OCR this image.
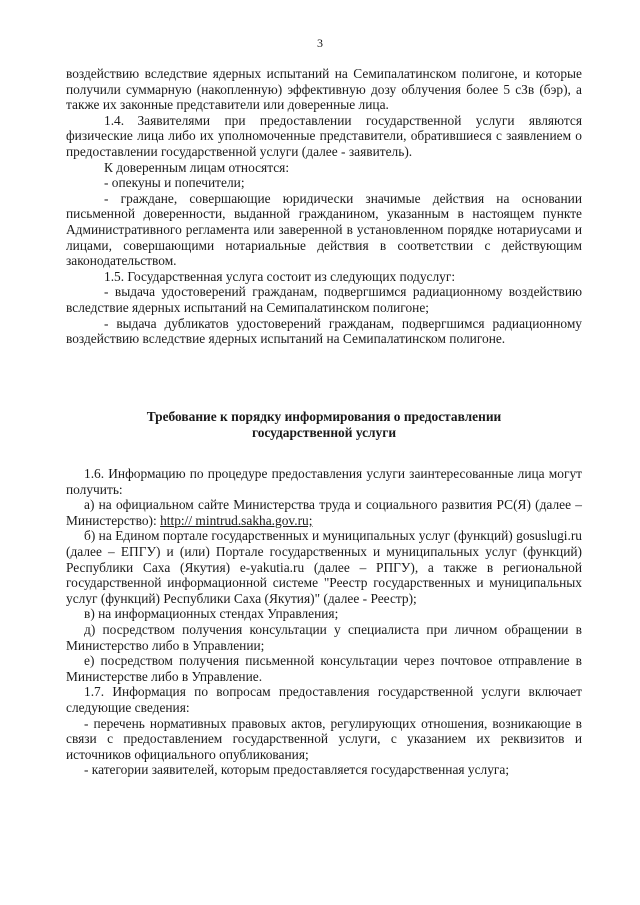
3

воздействию вследствие ядерных испытаний на Семипалатинском полигоне, и которые получили суммарную (накопленную) эффективную дозу облучения более 5 сЗв (бэр), а также их законные представители или доверенные лица.

1.4. Заявителями при предоставлении государственной услуги являются физические лица либо их уполномоченные представители, обратившиеся с заявлением о предоставлении государственной услуги (далее - заявитель).

К доверенным лицам относятся:

- опекуны и попечители;

- граждане, совершающие юридически значимые действия на основании письменной доверенности, выданной гражданином, указанным в настоящем пункте Административного регламента или заверенной в установленном порядке нотариусами и лицами, совершающими нотариальные действия в соответствии с действующим законодательством.

1.5. Государственная услуга состоит из следующих подуслуг:

- выдача удостоверений гражданам, подвергшимся радиационному воздействию вследствие ядерных испытаний на Семипалатинском полигоне;

- выдача дубликатов удостоверений гражданам, подвергшимся радиационному воздействию вследствие ядерных испытаний на Семипалатинском полигоне.

Требование к порядку информирования о предоставлении
государственной услуги

1.6. Информацию по процедуре предоставления услуги заинтересованные лица могут получить:

а) на официальном сайте Министерства труда и социального развития РС(Я) (далее – Министерство): http:// mintrud.sakha.gov.ru;

б) на Едином портале государственных и муниципальных услуг (функций) gosuslugi.ru (далее – ЕПГУ) и (или) Портале государственных и муниципальных услуг (функций) Республики Саха (Якутия) e-yakutia.ru (далее – РПГУ), а также в региональной государственной информационной системе "Реестр государственных и муниципальных услуг (функций) Республики Саха (Якутия)" (далее - Реестр);

в) на информационных стендах Управления;

д) посредством получения консультации у специалиста при личном обращении в Министерство либо в Управлении;

е) посредством получения письменной консультации через почтовое отправление в Министерстве либо в Управление.

1.7. Информация по вопросам предоставления государственной услуги включает следующие сведения:

- перечень нормативных правовых актов, регулирующих отношения, возникающие в связи с предоставлением государственной услуги, с указанием их реквизитов и источников официального опубликования;

- категории заявителей, которым предоставляется государственная услуга;
